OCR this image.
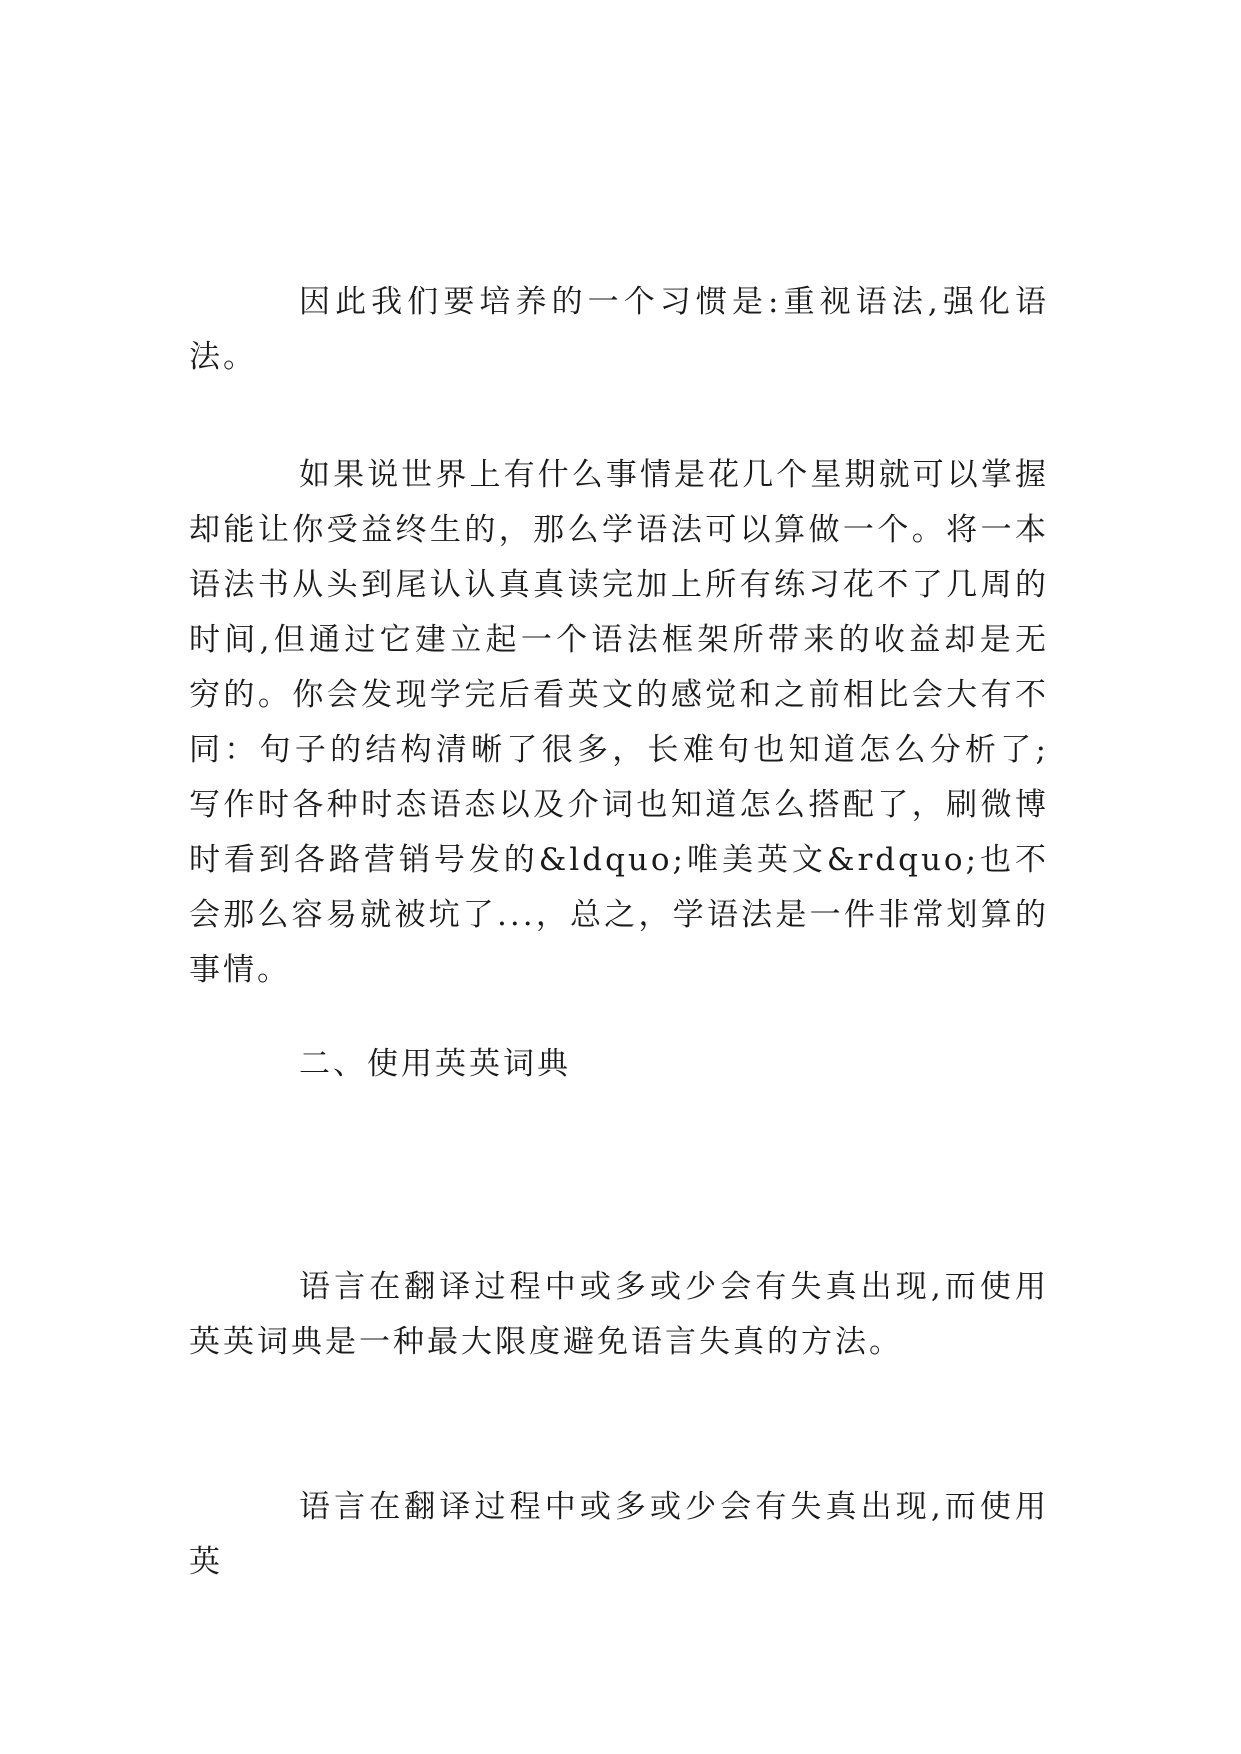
因此我们要培养的一个习惯是:重视语法,强化语法。

如果说世界上有什么事情是花几个星期就可以掌握却能让你受益终生的，那么学语法可以算做一个。将一本语法书从头到尾认认真真读完加上所有练习花不了几周的时间,但通过它建立起一个语法框架所带来的收益却是无穷的。你会发现学完后看英文的感觉和之前相比会大有不同：句子的结构清晰了很多，长难句也知道怎么分析了;写作时各种时态语态以及介词也知道怎么搭配了，刷微博时看到各路营销号发的&ldquo;唯美英文&rdquo;也不会那么容易就被坑了...，总之，学语法是一件非常划算的事情。

二、使用英英词典

语言在翻译过程中或多或少会有失真出现,而使用英英词典是一种最大限度避免语言失真的方法。

语言在翻译过程中或多或少会有失真出现,而使用英
